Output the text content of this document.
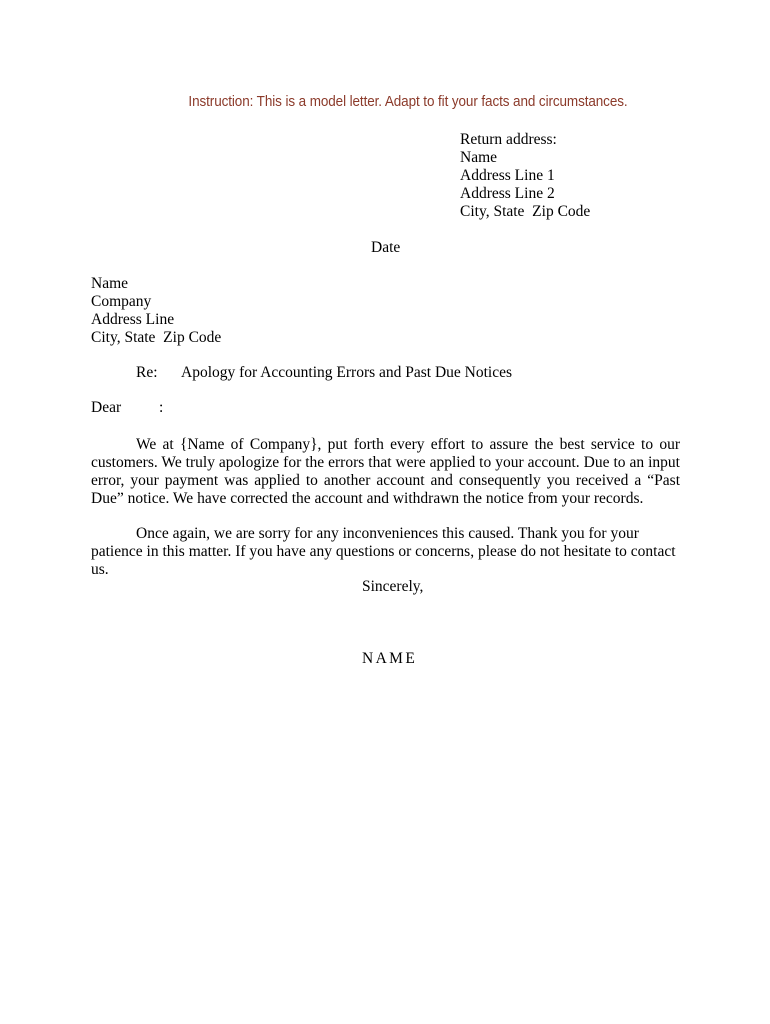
Instruction: This is a model letter. Adapt to fit your facts and circumstances.
Return address:
Name
Address Line 1
Address Line 2
City, State  Zip Code
Date
Name
Company
Address Line
City, State  Zip Code
Re: Apology for Accounting Errors and Past Due Notices
Dear :
We at {Name of Company}, put forth every effort to assure the best service to our customers. We truly apologize for the errors that were applied to your account. Due to an input error, your payment was applied to another account and consequently you received a “Past Due” notice. We have corrected the account and withdrawn the notice from your records.
Once again, we are sorry for any inconveniences this caused. Thank you for your patience in this matter. If you have any questions or concerns, please do not hesitate to contact us.
Sincerely,
NAME
